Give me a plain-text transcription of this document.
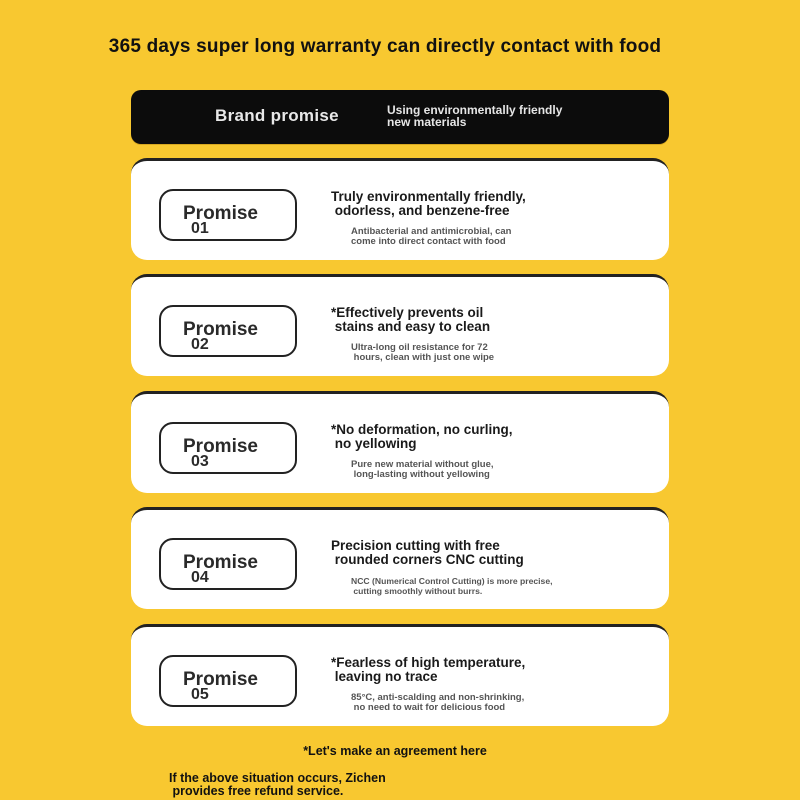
365 days super long warranty can directly contact with food
Brand promise	Using environmentally friendly
new materials
Promise
01
Truly environmentally friendly,
odorless, and benzene-free
Antibacterial and antimicrobial, can
come into direct contact with food
Promise
02
*Effectively prevents oil
stains and easy to clean
Ultra-long oil resistance for 72
hours, clean with just one wipe
Promise
03
*No deformation, no curling,
no yellowing
Pure new material without glue,
long-lasting without yellowing
Promise
04
Precision cutting with free
rounded corners CNC cutting
NCC (Numerical Control Cutting) is more precise,
cutting smoothly without burrs.
Promise
05
*Fearless of high temperature,
leaving no trace
85°C, anti-scalding and non-shrinking,
no need to wait for delicious food
*Let's make an agreement here
If the above situation occurs, Zichen
provides free refund service.
